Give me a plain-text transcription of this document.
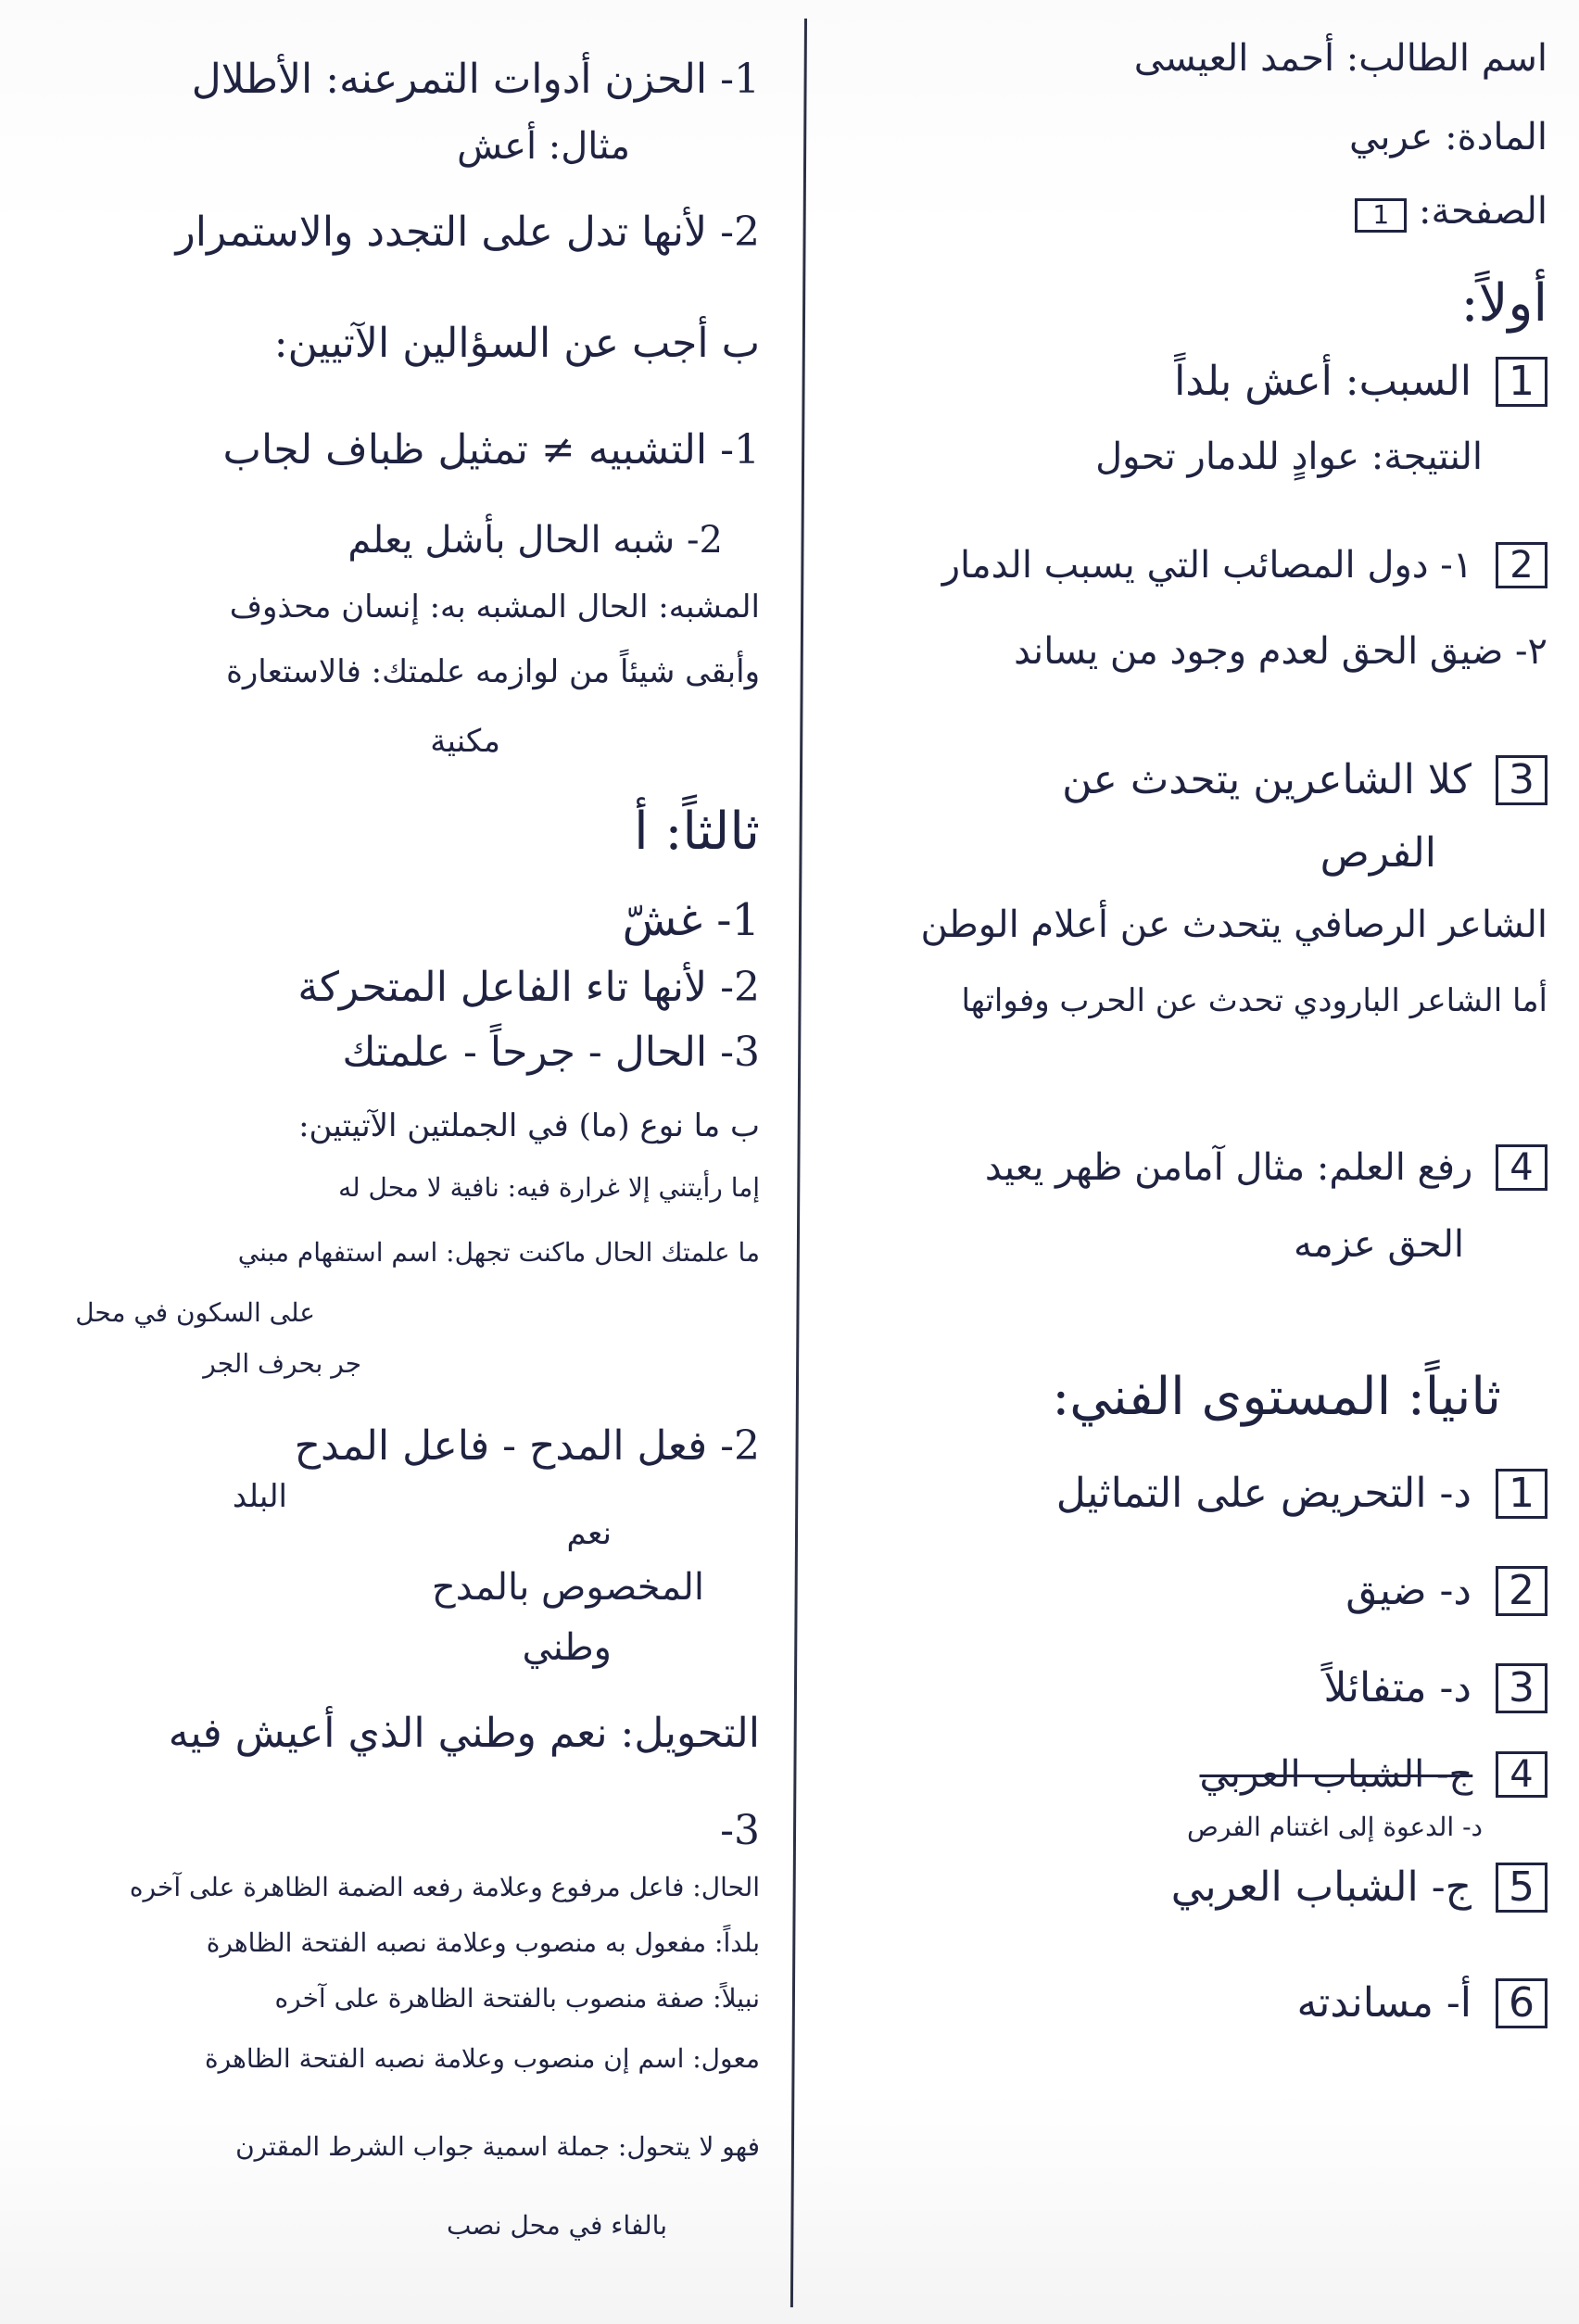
اسم الطالب: أحمد العيسى
المادة: عربي
الصفحة: 1
أولاً:
1 السبب: أعش بلداً
النتيجة: عوادٍ للدمار تحول
2 ١- دول المصائب التي يسبب الدمار
٢- ضيق الحق لعدم وجود من يساند
3 كلا الشاعرين يتحدث عن
الفرص
الشاعر الرصافي يتحدث عن أعلام الوطن
أما الشاعر البارودي تحدث عن الحرب وفواتها
4 رفع العلم: مثال آمامن ظهر يعيد
الحق عزمه
ثانياً: المستوى الفني:
1 د- التحريض على التماثيل
2 د- ضيق
3 د- متفائلاً
4 ج- الشباب العربي
د- الدعوة إلى اغتنام الفرص
5 ج- الشباب العربي
6 أ- مساندته
1- الحزن أدوات التمرعنه: الأطلال
مثال: أعش
2- لأنها تدل على التجدد والاستمرار
ب أجب عن السؤالين الآتيين:
1- التشبيه ≠ تمثيل ظباف لجاب
2- شبه الحال بأشل يعلم
المشبه: الحال المشبه به: إنسان محذوف
وأبقى شيئاً من لوازمه علمتك: فالاستعارة
مكنية
ثالثاً: أ
1- غشّ
2- لأنها تاء الفاعل المتحركة
3- الحال - جرحاً - علمتك
ب ما نوع (ما) في الجملتين الآتيتين:
إما رأيتني إلا غرارة فيه: نافية لا محل له
ما علمتك الحال ماكنت تجهل: اسم استفهام مبني
على السكون في محل
جر بحرف الجر
2- فعل المدح - فاعل المدح
البلد
نعم
المخصوص بالمدح
وطني
التحويل: نعم وطني الذي أعيش فيه
3-
الحال: فاعل مرفوع وعلامة رفعه الضمة الظاهرة على آخره
بلداً: مفعول به منصوب وعلامة نصبه الفتحة الظاهرة
نبيلاً: صفة منصوب بالفتحة الظاهرة على آخره
معول: اسم إن منصوب وعلامة نصبه الفتحة الظاهرة
فهو لا يتحول: جملة اسمية جواب الشرط المقترن
بالفاء في محل نصب
